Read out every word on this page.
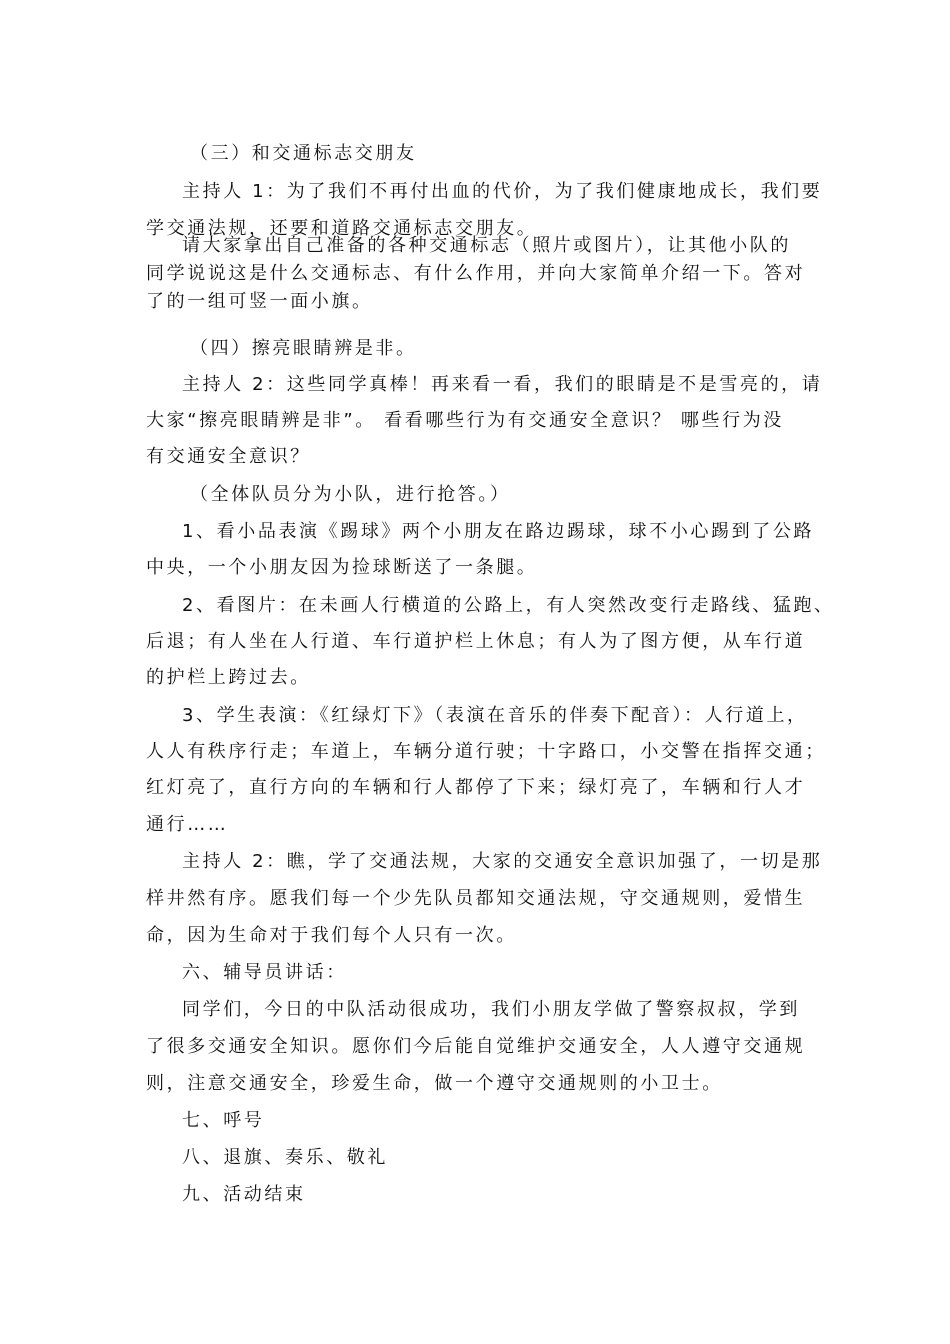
（三）和交通标志交朋友

主持人 1：为了我们不再付出血的代价，为了我们健康地成长，我们要

学交通法规，还要和道路交通标志交朋友。

请大家拿出自己准备的各种交通标志（照片或图片），让其他小队的

同学说说这是什么交通标志、有什么作用，并向大家简单介绍一下。答对

了的一组可竖一面小旗。

（四）擦亮眼睛辨是非。

主持人 2：这些同学真棒！再来看一看，我们的眼睛是不是雪亮的，请

大家“擦亮眼睛辨是非”。 看看哪些行为有交通安全意识？ 哪些行为没

有交通安全意识？

（全体队员分为小队，进行抢答。）

1、看小品表演《踢球》两个小朋友在路边踢球，球不小心踢到了公路

中央，一个小朋友因为捡球断送了一条腿。

2、看图片：在未画人行横道的公路上，有人突然改变行走路线、猛跑、

后退；有人坐在人行道、车行道护栏上休息；有人为了图方便，从车行道

的护栏上跨过去。

3、学生表演：《红绿灯下》（表演在音乐的伴奏下配音）：人行道上，

人人有秩序行走；车道上，车辆分道行驶；十字路口，小交警在指挥交通；

红灯亮了，直行方向的车辆和行人都停了下来；绿灯亮了，车辆和行人才

通行……

主持人 2：瞧，学了交通法规，大家的交通安全意识加强了，一切是那

样井然有序。愿我们每一个少先队员都知交通法规，守交通规则，爱惜生

命，因为生命对于我们每个人只有一次。

六、辅导员讲话：

同学们，今日的中队活动很成功，我们小朋友学做了警察叔叔，学到

了很多交通安全知识。愿你们今后能自觉维护交通安全，人人遵守交通规

则，注意交通安全，珍爱生命，做一个遵守交通规则的小卫士。

七、呼号

八、退旗、奏乐、敬礼

九、活动结束
